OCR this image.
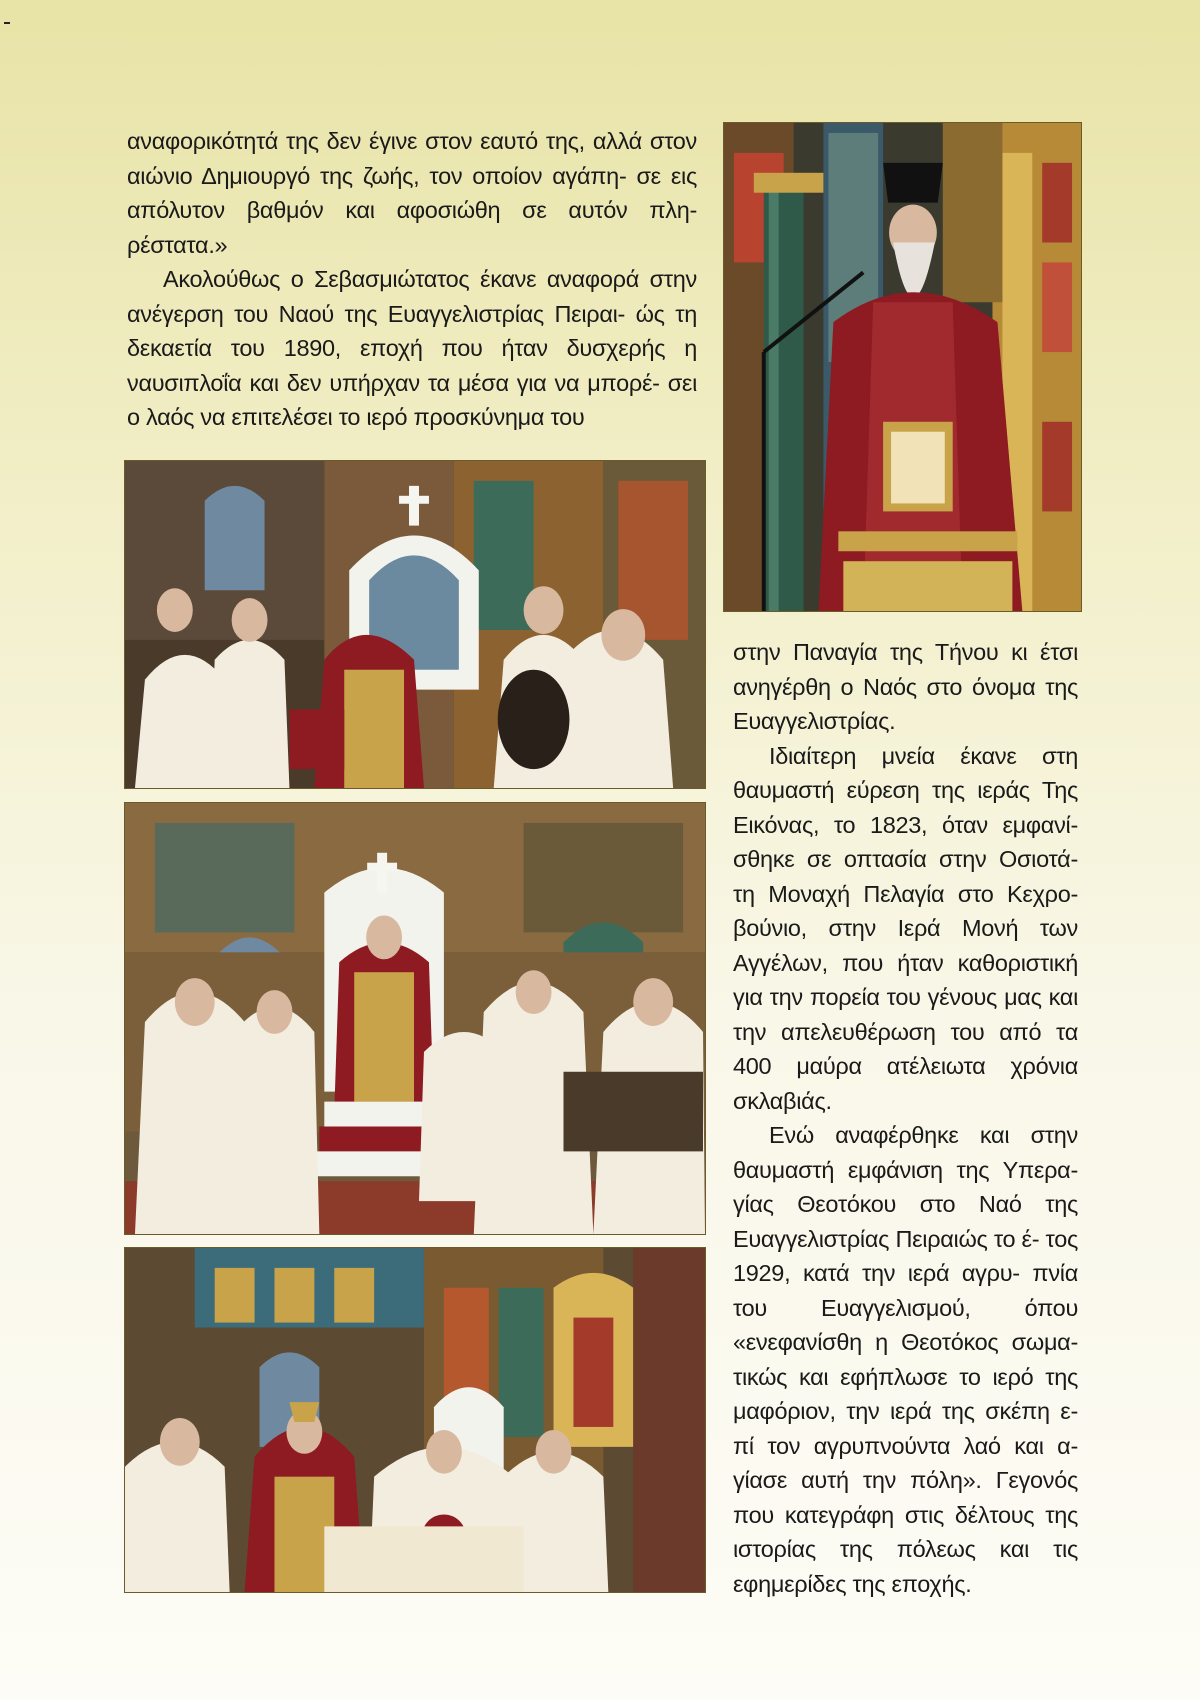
αναφορικότητά της δεν έγινε στον εαυτό της, αλλά στον αιώνιο Δημιουργό της ζωής, τον οποίον αγάπη- σε εις απόλυτον βαθμόν και αφοσιώθη σε αυτόν πλη- ρέστατα.»

Ακολούθως ο Σεβασμιώτατος έκανε αναφορά στην ανέγερση του Ναού της Ευαγγελιστρίας Πειραι- ώς τη δεκαετία του 1890, εποχή που ήταν δυσχερής η ναυσιπλοΐα και δεν υπήρχαν τα μέσα για να μπορέ- σει ο λαός να επιτελέσει το ιερό προσκύνημα του

στην Παναγία της Τήνου κι έτσι ανηγέρθη ο Ναός στο όνομα της Ευαγγελιστρίας.

Ιδιαίτερη μνεία έκανε στη θαυμαστή εύρεση της ιεράς Της Εικόνας, το 1823, όταν εμφανί- σθηκε σε οπτασία στην Οσιοτά- τη Μοναχή Πελαγία στο Κεχρο- βούνιο, στην Ιερά Μονή των Αγγέλων, που ήταν καθοριστική για την πορεία του γένους μας και την απελευθέρωση του από τα 400 μαύρα ατέλειωτα χρόνια σκλαβιάς.

Ενώ αναφέρθηκε και στην θαυμαστή εμφάνιση της Υπερα- γίας Θεοτόκου στο Ναό της Ευαγγελιστρίας Πειραιώς το έ- τος 1929, κατά την ιερά αγρυ- πνία του Ευαγγελισμού, όπου «ενεφανίσθη η Θεοτόκος σωμα- τικώς και εφήπλωσε το ιερό της μαφόριον, την ιερά της σκέπη ε- πί τον αγρυπνούντα λαό και α- γίασε αυτή την πόλη». Γεγονός που κατεγράφη στις δέλτους της ιστορίας της πόλεως και τις εφημερίδες της εποχής.
